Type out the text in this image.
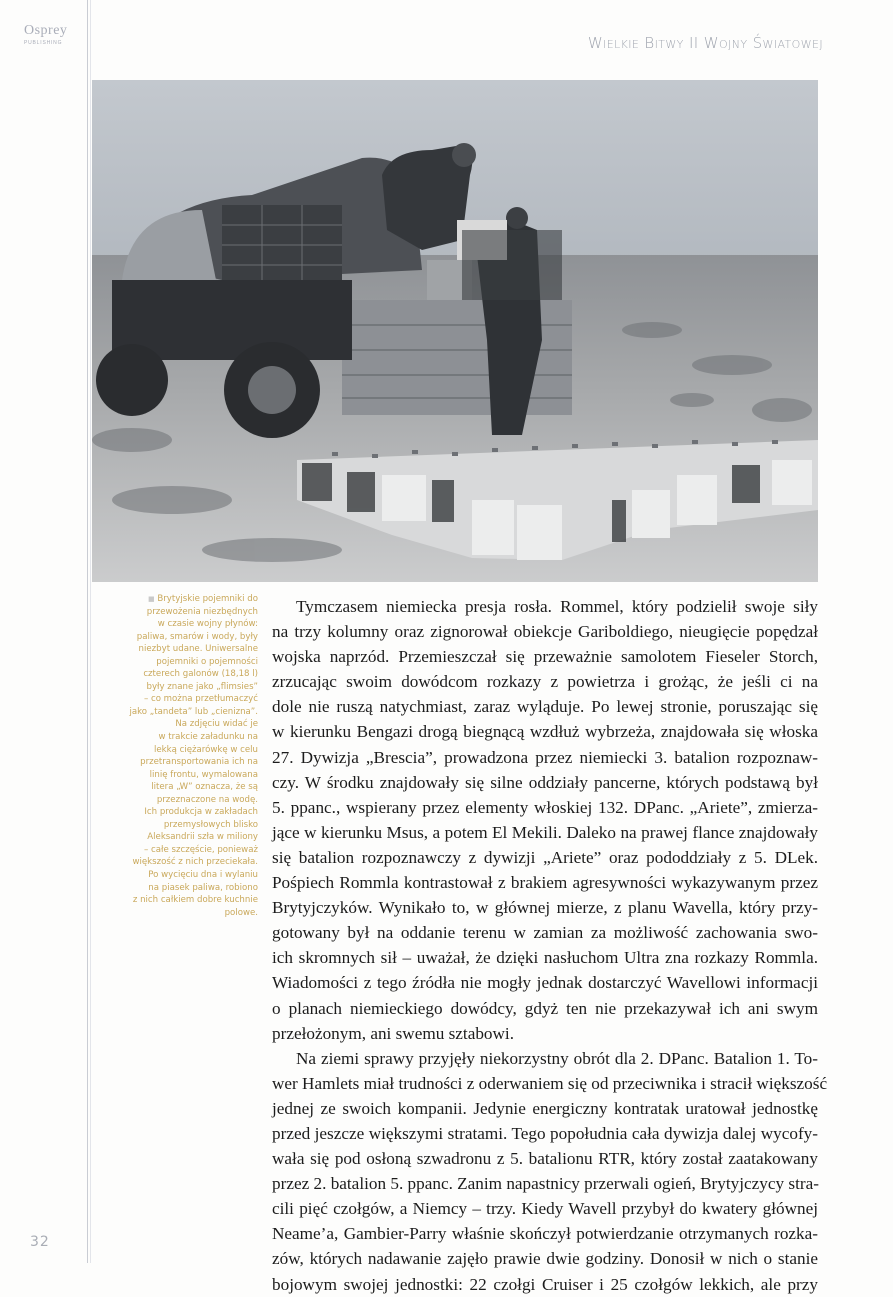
Osprey
PUBLISHING	Wielkie Bitwy II Wojny Światowej
■ Brytyjskie pojemniki do
przewożenia niezbędnych
w czasie wojny płynów:
paliwa, smarów i wody, były
niezbyt udane. Uniwersalne
pojemniki o pojemności
czterech galonów (18,18 l)
były znane jako „flimsies”
– co można przetłumaczyć
jako „tandeta” lub „cienizna”.
Na zdjęciu widać je
w trakcie załadunku na
lekką ciężarówkę w celu
przetransportowania ich na
linię frontu, wymalowana
litera „W” oznacza, że są
przeznaczone na wodę.
Ich produkcja w zakładach
przemysłowych blisko
Aleksandrii szła w miliony
– całe szczęście, ponieważ
większość z nich przeciekała.
Po wycięciu dna i wylaniu
na piasek paliwa, robiono
z nich całkiem dobre kuchnie
polowe.

Tymczasem niemiecka presja rosła. Rommel, który podzielił swoje siły
na trzy kolumny oraz zignorował obiekcje Gariboldiego, nieugięcie popędzał
wojska naprzód. Przemieszczał się przeważnie samolotem Fieseler Storch,
zrzucając swoim dowódcom rozkazy z powietrza i grożąc, że jeśli ci na
dole nie ruszą natychmiast, zaraz wyląduje. Po lewej stronie, poruszając się
w kierunku Bengazi drogą biegnącą wzdłuż wybrzeża, znajdowała się włoska
27. Dywizja „Brescia”, prowadzona przez niemiecki 3. batalion rozpoznaw-
czy. W środku znajdowały się silne oddziały pancerne, których podstawą był
5. ppanc., wspierany przez elementy włoskiej 132. DPanc. „Ariete”, zmierza-
jące w kierunku Msus, a potem El Mekili. Daleko na prawej flance znajdowały
się batalion rozpoznawczy z dywizji „Ariete” oraz pododdziały z 5. DLek.
Pośpiech Rommla kontrastował z brakiem agresywności wykazywanym przez
Brytyjczyków. Wynikało to, w głównej mierze, z planu Wavella, który przy-
gotowany był na oddanie terenu w zamian za możliwość zachowania swo-
ich skromnych sił – uważał, że dzięki nasłuchom Ultra zna rozkazy Rommla.
Wiadomości z tego źródła nie mogły jednak dostarczyć Wavellowi informacji
o planach niemieckiego dowódcy, gdyż ten nie przekazywał ich ani swym
przełożonym, ani swemu sztabowi.

Na ziemi sprawy przyjęły niekorzystny obrót dla 2. DPanc. Batalion 1. To-
wer Hamlets miał trudności z oderwaniem się od przeciwnika i stracił większość
jednej ze swoich kompanii. Jedynie energiczny kontratak uratował jednostkę
przed jeszcze większymi stratami. Tego popołudnia cała dywizja dalej wycofy-
wała się pod osłoną szwadronu z 5. batalionu RTR, który został zaatakowany
przez 2. batalion 5. ppanc. Zanim napastnicy przerwali ogień, Brytyjczycy stra-
cili pięć czołgów, a Niemcy – trzy. Kiedy Wavell przybył do kwatery głównej
Neame’a, Gambier-Parry właśnie skończył potwierdzanie otrzymanych rozka-
zów, których nadawanie zajęło prawie dwie godziny. Donosił w nich o stanie
bojowym swojej jednostki: 22 czołgi Cruiser i 25 czołgów lekkich, ale przy

32
